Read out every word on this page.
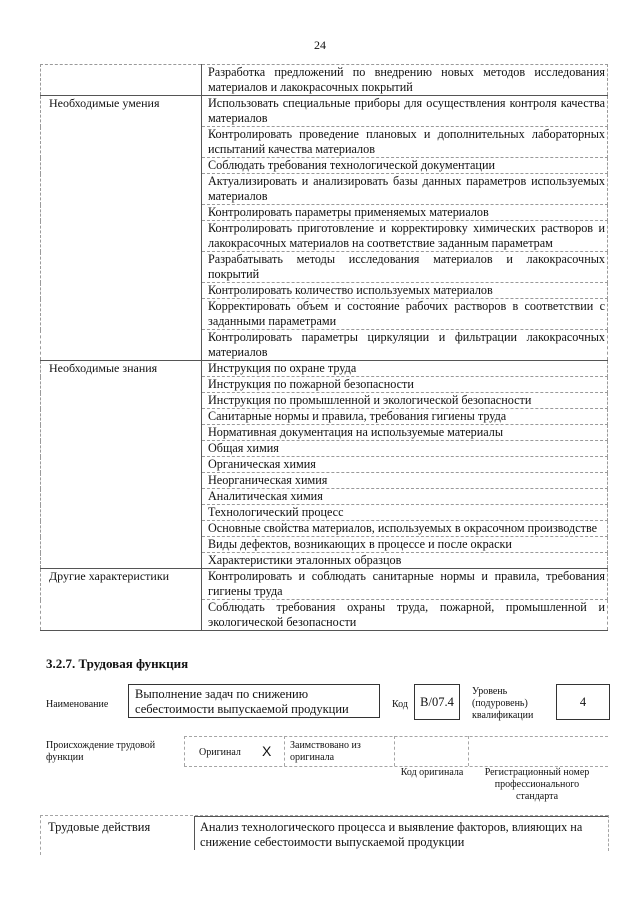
24
	Разработка предложений по внедрению новых методов исследования материалов и лакокрасочных покрытий
Необходимые умения	Использовать специальные приборы для осуществления контроля качества материалов
	Контролировать проведение плановых и дополнительных лабораторных испытаний качества материалов
	Соблюдать требования технологической документации
	Актуализировать и анализировать базы данных параметров используемых материалов
	Контролировать параметры применяемых материалов
	Контролировать приготовление и корректировку химических растворов и лакокрасочных материалов на соответствие заданным параметрам
	Разрабатывать методы исследования материалов и лакокрасочных покрытий
	Контролировать количество используемых материалов
	Корректировать объем и состояние рабочих растворов в соответствии с заданными параметрами
	Контролировать параметры циркуляции и фильтрации лакокрасочных материалов
Необходимые знания	Инструкция по охране труда
	Инструкция по пожарной безопасности
	Инструкция по промышленной и экологической безопасности
	Санитарные нормы и правила, требования гигиены труда
	Нормативная документация на используемые материалы
	Общая химия
	Органическая химия
	Неорганическая химия
	Аналитическая химия
	Технологический процесс
	Основные свойства материалов, используемых в окрасочном производстве
	Виды дефектов, возникающих в процессе и после окраски
	Характеристики эталонных образцов
Другие характеристики	Контролировать и соблюдать санитарные нормы и правила, требования гигиены труда
	Соблюдать требования охраны труда, пожарной, промышленной и экологической безопасности
3.2.7. Трудовая функция
Наименование
Выполнение задач по снижению себестоимости выпускаемой продукции	Код В/07.4
Уровень (подуровень) квалификации
4
Происхождение трудовой функции	Оригинал X Заимствовано из оригинала
Код оригинала	Регистрационный номер профессионального стандарта
Трудовые действия	Анализ технологического процесса и выявление факторов, влияющих на снижение себестоимости выпускаемой продукции
